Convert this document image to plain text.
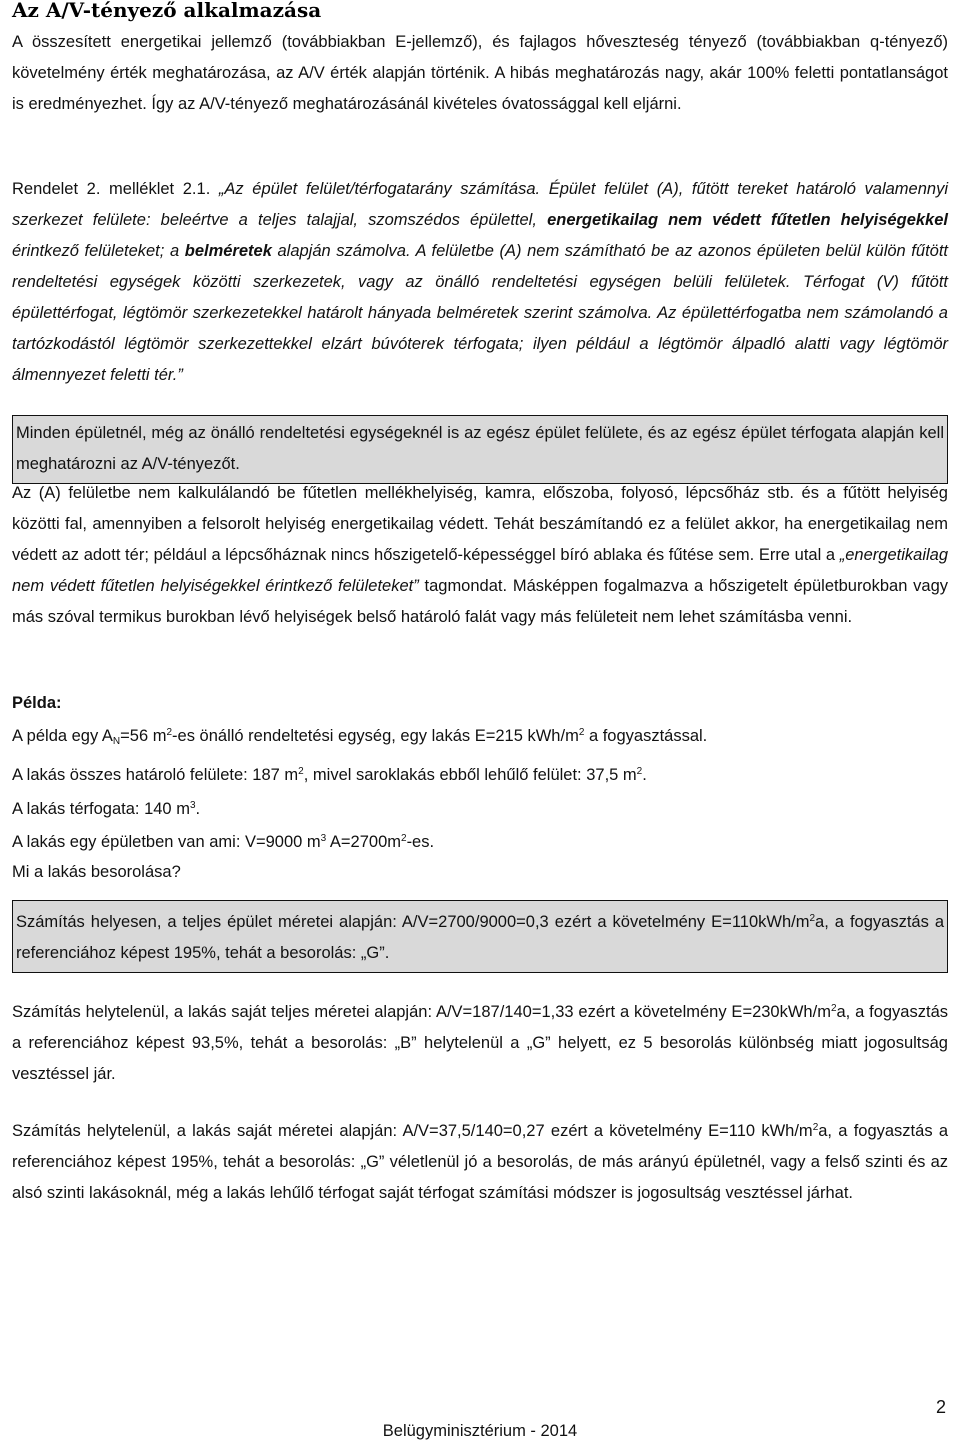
Az A/V-tényező alkalmazása

A összesített energetikai jellemző (továbbiakban E-jellemző), és fajlagos hőveszteség tényező (továbbiakban q-tényező) követelmény érték meghatározása, az A/V érték alapján történik. A hibás meghatározás nagy, akár 100% feletti pontatlanságot is eredményezhet. Így az A/V-tényező meghatározásánál kivételes óvatossággal kell eljárni.

Rendelet 2. melléklet 2.1. „Az épület felület/térfogatarány számítása. Épület felület (A), fűtött tereket határoló valamennyi szerkezet felülete: beleértve a teljes talajjal, szomszédos épülettel, energetikailag nem védett fűtetlen helyiségekkel érintkező felületeket; a belméretek alapján számolva. A felületbe (A) nem számítható be az azonos épületen belül külön fűtött rendeltetési egységek közötti szerkezetek, vagy az önálló rendeltetési egységen belüli felületek. Térfogat (V) fűtött épülettérfogat, légtömör szerkezetekkel határolt hányada belméretek szerint számolva. Az épülettérfogatba nem számolandó a tartózkodástól légtömör szerkezettekkel elzárt búvóterek térfogata; ilyen például a légtömör álpadló alatti vagy légtömör álmennyezet feletti tér.”

Minden épületnél, még az önálló rendeltetési egységeknél is az egész épület felülete, és az egész épület térfogata alapján kell meghatározni az A/V-tényezőt.

Az (A) felületbe nem kalkulálandó be fűtetlen mellékhelyiség, kamra, előszoba, folyosó, lépcsőház stb. és a fűtött helyiség közötti fal, amennyiben a felsorolt helyiség energetikailag védett. Tehát beszámítandó ez a felület akkor, ha energetikailag nem védett az adott tér; például a lépcsőháznak nincs hőszigetelő-képességgel bíró ablaka és fűtése sem. Erre utal a „energetikailag nem védett fűtetlen helyiségekkel érintkező felületeket” tagmondat. Másképpen fogalmazva a hőszigetelt épületburokban vagy más szóval termikus burokban lévő helyiségek belső határoló falát vagy más felületeit nem lehet számításba venni.

Példa:
A példa egy $A_N=56$ $m^2-es$ önálló rendeltetési egység, egy lakás E=215 kWh/$m^2$ a fogyasztással.
A lakás összes határoló felülete: 187 $m^2$, mivel saroklakás ebből lehűlő felület: 37,5 $m^2$.
A lakás térfogata: 140 $m^3$.
A lakás egy épületben van ami: V=9000 $m^3$ $A=2700m^2-es$.
Mi a lakás besorolása?

Számítás helyesen, a teljes épület méretei alapján: A/V=2700/9000=0,3 ezért a követelmény $E=110kWh/m^2a$, a fogyasztás a referenciához képest 195%, tehát a besorolás: „G”.

Számítás helytelenül, a lakás saját teljes méretei alapján: A/V=187/140=1,33 ezért a követelmény $E=230kWh/m^2a$, a fogyasztás a referenciához képest 93,5%, tehát a besorolás: „B” helytelenül a „G” helyett, ez 5 besorolás különbség miatt jogosultság vesztéssel jár.

Számítás helytelenül, a lakás saját méretei alapján: A/V=37,5/140=0,27 ezért a követelmény E=110 kWh/$m^2a$, a fogyasztás a referenciához képest 195%, tehát a besorolás: „G” véletlenül jó a besorolás, de más arányú épületnél, vagy a felső szinti és az alsó szinti lakásoknál, még a lakás lehűlő térfogat saját térfogat számítási módszer is jogosultság vesztéssel járhat.

2
Belügyminisztérium - 2014
